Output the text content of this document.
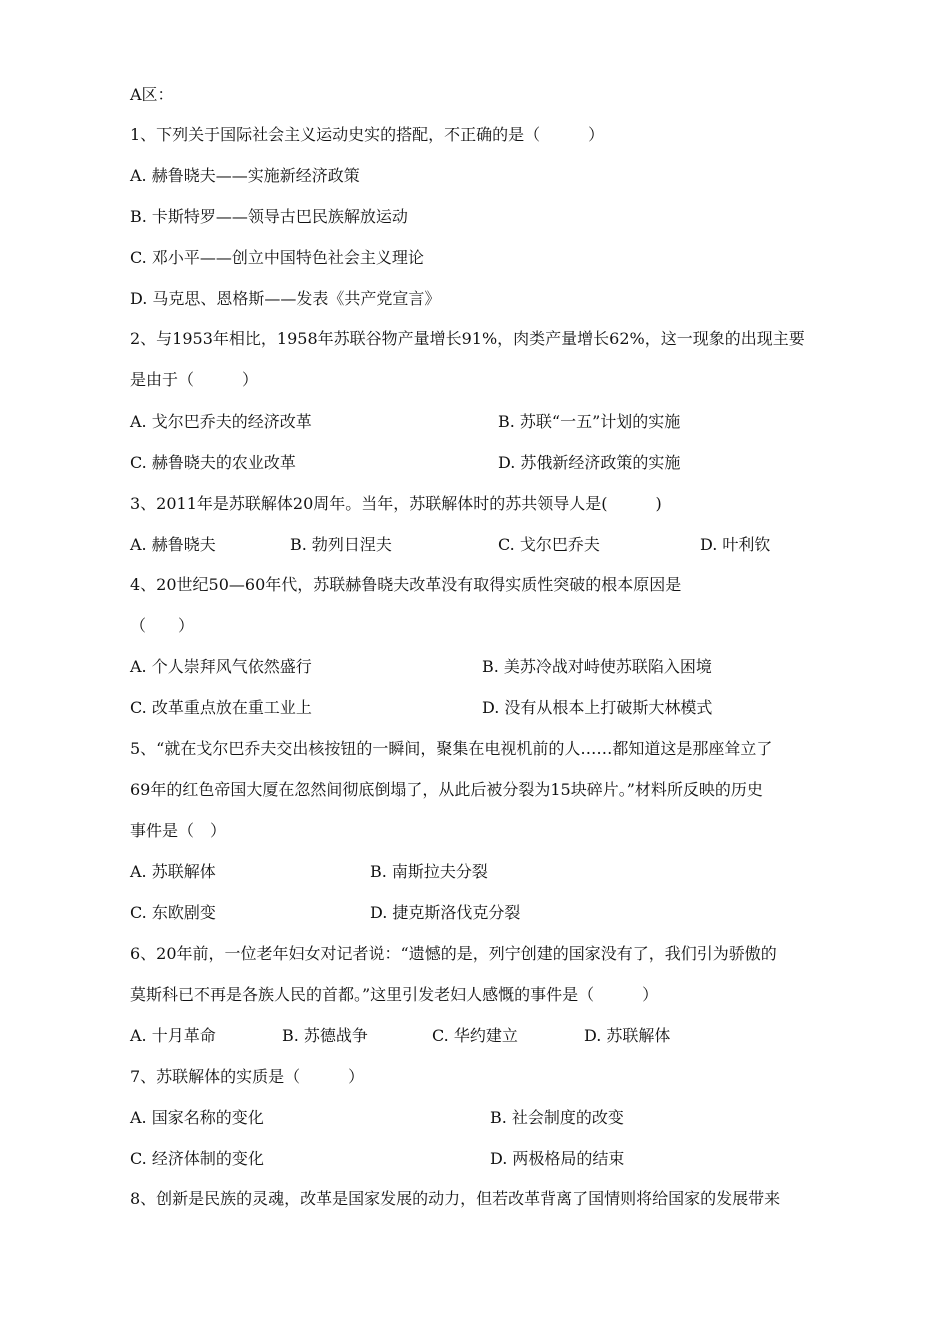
A区：
1、下列关于国际社会主义运动史实的搭配，不正确的是（　　　）
A. 赫鲁晓夫——实施新经济政策
B. 卡斯特罗——领导古巴民族解放运动
C. 邓小平——创立中国特色社会主义理论
D. 马克思、恩格斯——发表《共产党宣言》
2、与1953年相比，1958年苏联谷物产量增长91%，肉类产量增长62%，这一现象的出现主要
是由于（　　　）
A. 戈尔巴乔夫的经济改革	B. 苏联“一五”计划的实施
C. 赫鲁晓夫的农业改革	D. 苏俄新经济政策的实施
3、2011年是苏联解体20周年。当年，苏联解体时的苏共领导人是(　　　)
A. 赫鲁晓夫	B. 勃列日涅夫	C. 戈尔巴乔夫	D. 叶利钦
4、20世纪50—60年代，苏联赫鲁晓夫改革没有取得实质性突破的根本原因是
（　　）
A. 个人崇拜风气依然盛行	B. 美苏冷战对峙使苏联陷入困境
C. 改革重点放在重工业上	D. 没有从根本上打破斯大林模式
5、“就在戈尔巴乔夫交出核按钮的一瞬间，聚集在电视机前的人……都知道这是那座耸立了
69年的红色帝国大厦在忽然间彻底倒塌了，从此后被分裂为15块碎片。”材料所反映的历史
事件是（　）
A. 苏联解体	B. 南斯拉夫分裂
C. 东欧剧变	D. 捷克斯洛伐克分裂
6、20年前，一位老年妇女对记者说：“遗憾的是，列宁创建的国家没有了，我们引为骄傲的
莫斯科已不再是各族人民的首都。”这里引发老妇人感慨的事件是（　　　）
A. 十月革命	B. 苏德战争	C. 华约建立	D. 苏联解体
7、苏联解体的实质是（　　　）
A. 国家名称的变化	B. 社会制度的改变
C. 经济体制的变化	D. 两极格局的结束
8、创新是民族的灵魂，改革是国家发展的动力，但若改革背离了国情则将给国家的发展带来
